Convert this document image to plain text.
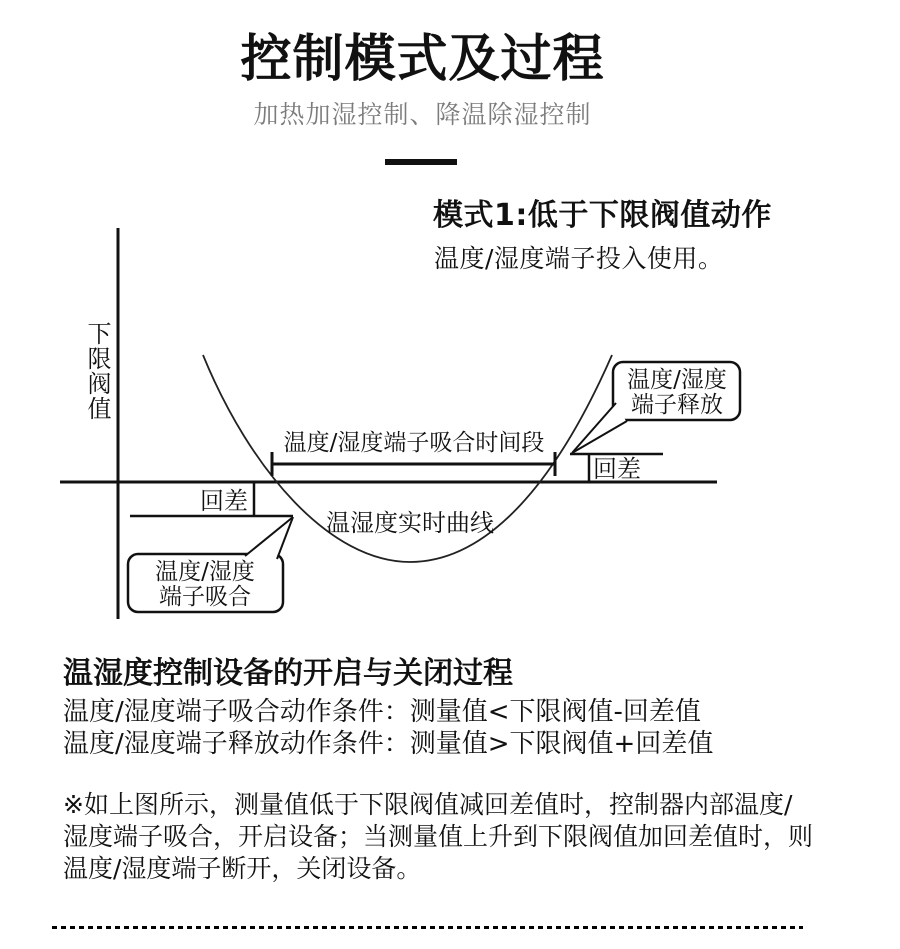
控制模式及过程
加热加湿控制、降温除湿控制
模式1:低于下限阀值动作
温度/湿度端子投入使用。
下限阀值
温度/湿度端子吸合时间段
回差
回差
温湿度实时曲线
温度/湿度
端子释放
温度/湿度
端子吸合
温湿度控制设备的开启与关闭过程
温度/湿度端子吸合动作条件：测量值<下限阀值-回差值
温度/湿度端子释放动作条件：测量值>下限阀值+回差值
※如上图所示，测量值低于下限阀值减回差值时，控制器内部温度/
湿度端子吸合，开启设备；当测量值上升到下限阀值加回差值时，则
温度/湿度端子断开，关闭设备。
